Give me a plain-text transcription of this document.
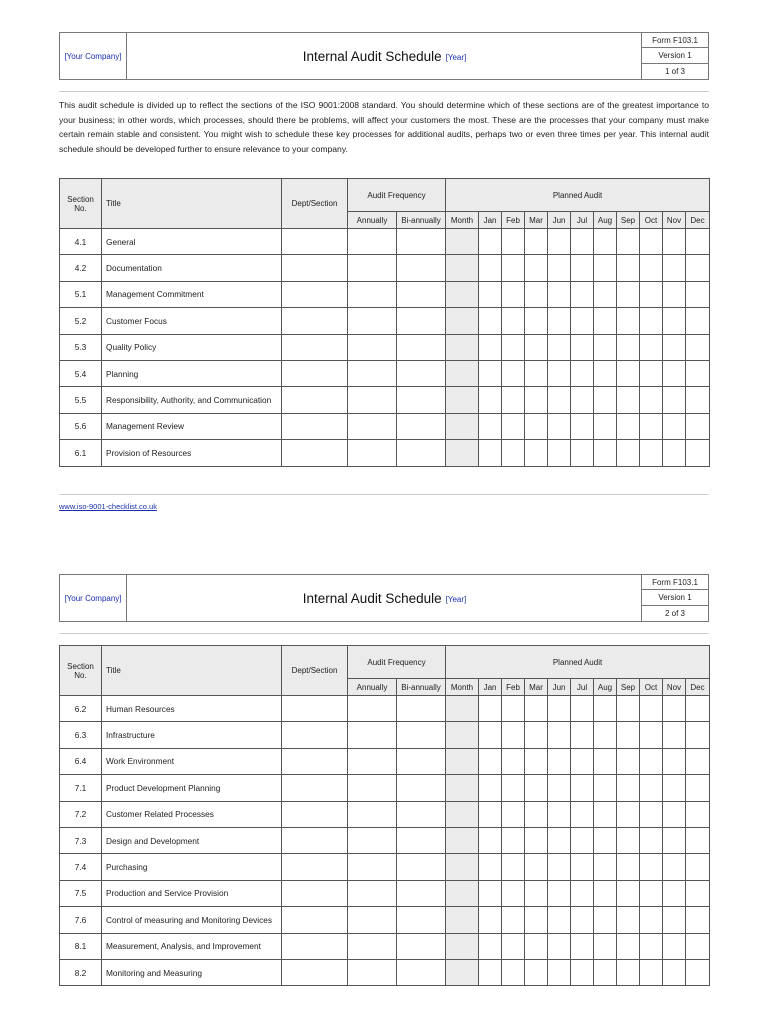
[Your Company]	Internal Audit Schedule [Year]
Form F103.1
Version 1
1 of 3

This audit schedule is divided up to reflect the sections of the ISO 9001:2008 standard. You should determine which of these sections are of the greatest importance to your business; in other words, which processes, should there be problems, will affect your customers the most. These are the processes that your company must make certain remain stable and consistent. You might wish to schedule these key processes for additional audits, perhaps two or even three times per year. This internal audit schedule should be developed further to ensure relevance to your company.

Section No.	Title	Dept/Section	Audit Frequency		Planned Audit										
			Annually	Bi-annually	Month	Jan	Feb	Mar	Jun	Jul	Aug	Sep	Oct	Nov	Dec
4.1	General														
4.2	Documentation														
5.1	Management Commitment														
5.2	Customer Focus														
5.3	Quality Policy														
5.4	Planning														
5.5	Responsibility, Authority, and Communication														
5.6	Management Review														
6.1	Provision of Resources														
www.iso-9001-checklist.co.uk
[Your Company]	Internal Audit Schedule [Year]
Form F103.1
Version 1
2 of 3
Section No.	Title	Dept/Section	Audit Frequency		Planned Audit										
			Annually	Bi-annually	Month	Jan	Feb	Mar	Jun	Jul	Aug	Sep	Oct	Nov	Dec
6.2	Human Resources														
6.3	Infrastructure														
6.4	Work Environment														
7.1	Product Development Planning														
7.2	Customer Related Processes														
7.3	Design and Development														
7.4	Purchasing														
7.5	Production and Service Provision														
7.6	Control of measuring and Monitoring Devices														
8.1	Measurement, Analysis, and Improvement														
8.2	Monitoring and Measuring														
